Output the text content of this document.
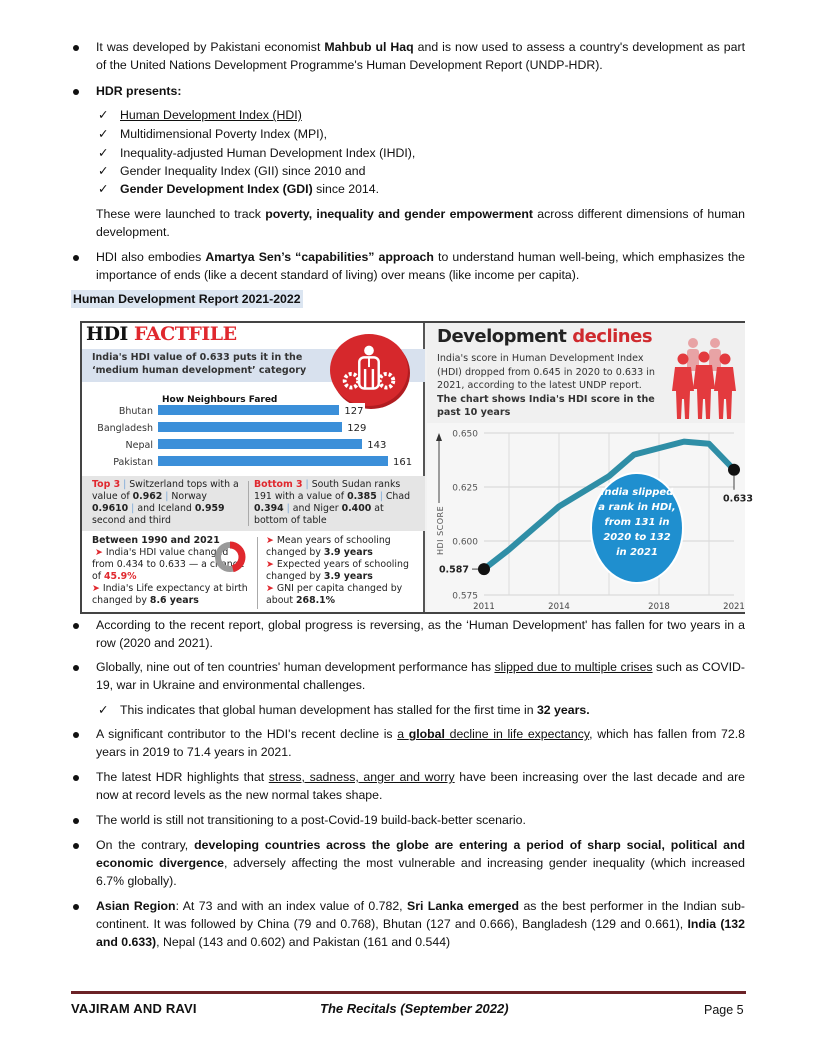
It was developed by Pakistani economist Mahbub ul Haq and is now used to assess a country's development as part of the United Nations Development Programme's Human Development Report (UNDP-HDR).
HDR presents:
✓ Human Development Index (HDI)
✓ Multidimensional Poverty Index (MPI),
✓ Inequality-adjusted Human Development Index (IHDI),
✓ Gender Inequality Index (GII) since 2010 and
✓ Gender Development Index (GDI) since 2014.
These were launched to track poverty, inequality and gender empowerment across different dimensions of human development.
HDI also embodies Amartya Sen’s “capabilities” approach to understand human well-being, which emphasizes the importance of ends (like a decent standard of living) over means (like income per capita).
Human Development Report 2021-2022
HDI FACTFILE
India's HDI value of 0.633 puts it in the ‘medium human development’ category
How Neighbours Fared
Bhutan	127
Bangladesh	129
Nepal	143
Pakistan	161
Top 3 | Switzerland tops with a value of 0.962 | Norway 0.9610 | and Iceland 0.959 second and third
Bottom 3 | South Sudan ranks 191 with a value of 0.385 | Chad 0.394 | and Niger 0.400 at bottom of table
Between 1990 and 2021
➤ India's HDI value changed from 0.434 to 0.633 — a change of 45.9%
➤ India's Life expectancy at birth changed by 8.6 years
➤ Mean years of schooling changed by 3.9 years
➤ Expected years of schooling changed by 3.9 years
➤ GNI per capita changed by about 268.1%
Development declines
India's score in Human Development Index (HDI) dropped from 0.645 in 2020 to 0.633 in 2021, according to the latest UNDP report. The chart shows India's HDI score in the past 10 years
0.575
0.600
0.625
0.650
2011	2014	2018	2021
HDI SCORE
India slipped
a rank in HDI,
from 131 in
2020 to 132
in 2021
0.587
0.633
According to the recent report, global progress is reversing, as the ‘Human Development' has fallen for two years in a row (2020 and 2021).
Globally, nine out of ten countries' human development performance has slipped due to multiple crises such as COVID-19, war in Ukraine and environmental challenges.
✓ This indicates that global human development has stalled for the first time in 32 years.
A significant contributor to the HDI's recent decline is a global decline in life expectancy, which has fallen from 72.8 years in 2019 to 71.4 years in 2021.
The latest HDR highlights that stress, sadness, anger and worry have been increasing over the last decade and are now at record levels as the new normal takes shape.
The world is still not transitioning to a post-Covid-19 build-back-better scenario.
On the contrary, developing countries across the globe are entering a period of sharp social, political and economic divergence, adversely affecting the most vulnerable and increasing gender inequality (which increased 6.7% globally).
Asian Region: At 73 and with an index value of 0.782, Sri Lanka emerged as the best performer in the Indian sub-continent. It was followed by China (79 and 0.768), Bhutan (127 and 0.666), Bangladesh (129 and 0.661), India (132 and 0.633), Nepal (143 and 0.602) and Pakistan (161 and 0.544)
VAJIRAM AND RAVI	The Recitals (September 2022)	Page 5
